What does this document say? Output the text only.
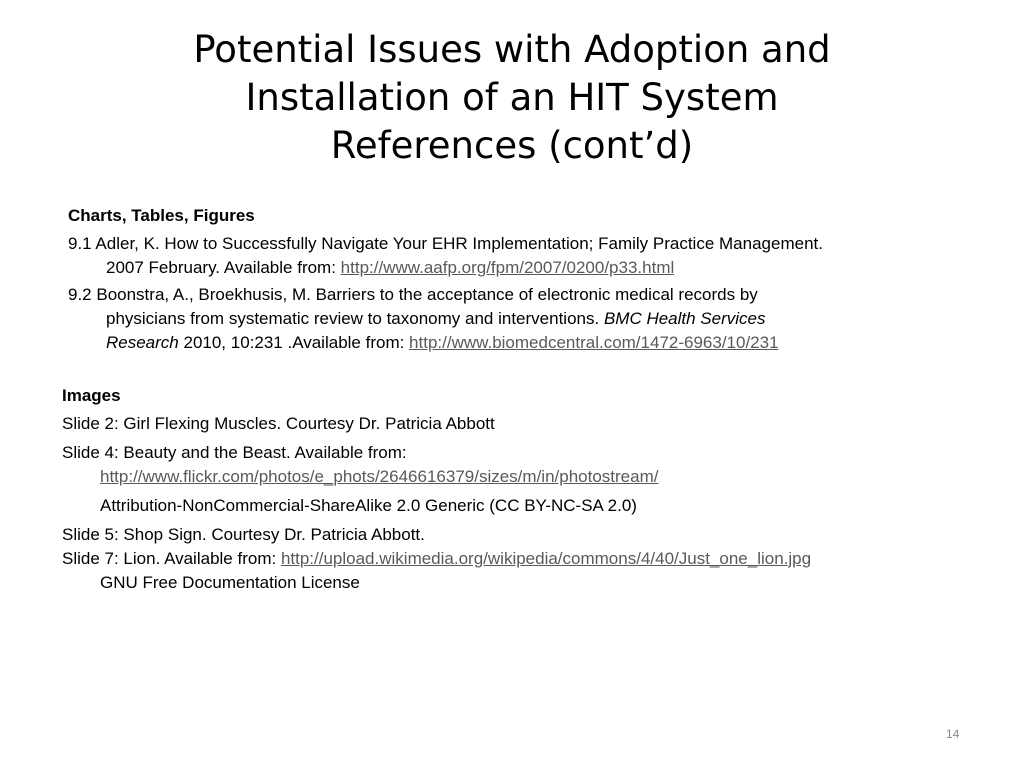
Potential Issues with Adoption and
Installation of an HIT System
References (cont’d)

Charts, Tables, Figures

9.1 Adler, K. How to Successfully Navigate Your EHR Implementation; Family Practice Management.
2007 February. Available from: http://www.aafp.org/fpm/2007/0200/p33.html

9.2 Boonstra, A., Broekhusis, M. Barriers to the acceptance of electronic medical records by
physicians from systematic review to taxonomy and interventions. BMC Health Services
Research 2010, 10:231 .Available from: http://www.biomedcentral.com/1472-6963/10/231

Images

Slide 2: Girl Flexing Muscles. Courtesy Dr. Patricia Abbott
Slide 4: Beauty and the Beast. Available from:
http://www.flickr.com/photos/e_phots/2646616379/sizes/m/in/photostream/
Attribution-NonCommercial-ShareAlike 2.0 Generic (CC BY-NC-SA 2.0)
Slide 5: Shop Sign. Courtesy Dr. Patricia Abbott.
Slide 7: Lion. Available from: http://upload.wikimedia.org/wikipedia/commons/4/40/Just_one_lion.jpg
GNU Free Documentation License
14
